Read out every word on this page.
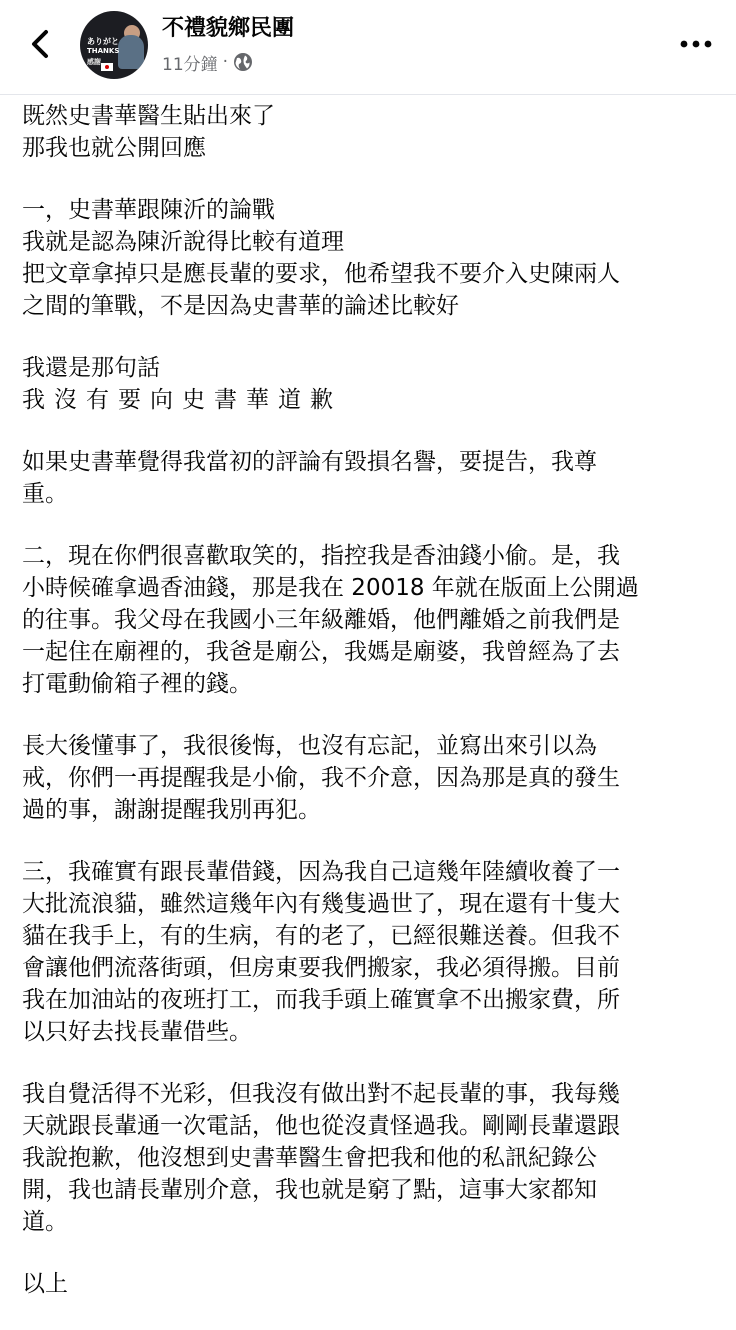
ありがと
THANKS
感謝
不禮貌鄉民團
11分鐘 ·

既然史書華醫生貼出來了
那我也就公開回應

一，史書華跟陳沂的論戰
我就是認為陳沂說得比較有道理
把文章拿掉只是應長輩的要求，他希望我不要介入史陳兩人
之間的筆戰，不是因為史書華的論述比較好

我還是那句話
我沒有要向史書華道歉

如果史書華覺得我當初的評論有毀損名譽，要提告，我尊
重。

二，現在你們很喜歡取笑的，指控我是香油錢小偷。是，我
小時候確拿過香油錢，那是我在 20018 年就在版面上公開過
的往事。我父母在我國小三年級離婚，他們離婚之前我們是
一起住在廟裡的，我爸是廟公，我媽是廟婆，我曾經為了去
打電動偷箱子裡的錢。

長大後懂事了，我很後悔，也沒有忘記，並寫出來引以為
戒，你們一再提醒我是小偷，我不介意，因為那是真的發生
過的事，謝謝提醒我別再犯。

三，我確實有跟長輩借錢，因為我自己這幾年陸續收養了一
大批流浪貓，雖然這幾年內有幾隻過世了，現在還有十隻大
貓在我手上，有的生病，有的老了，已經很難送養。但我不
會讓他們流落街頭，但房東要我們搬家，我必須得搬。目前
我在加油站的夜班打工，而我手頭上確實拿不出搬家費，所
以只好去找長輩借些。

我自覺活得不光彩，但我沒有做出對不起長輩的事，我每幾
天就跟長輩通一次電話，他也從沒責怪過我。剛剛長輩還跟
我說抱歉，他沒想到史書華醫生會把我和他的私訊紀錄公
開，我也請長輩別介意，我也就是窮了點，這事大家都知
道。

以上
